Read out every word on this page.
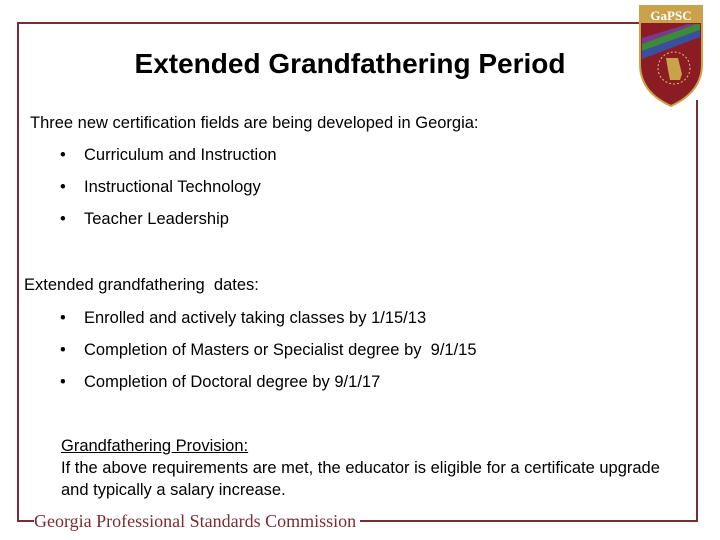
GaPSC
Extended Grandfathering Period
Three new certification fields are being developed in Georgia:
• Curriculum and Instruction
• Instructional Technology
• Teacher Leadership
Extended grandfathering  dates:
• Enrolled and actively taking classes by 1/15/13
• Completion of Masters or Specialist degree by  9/1/15
• Completion of Doctoral degree by 9/1/17
Grandfathering Provision:
If the above requirements are met, the educator is eligible for a certificate upgrade and typically a salary increase.
Georgia Professional Standards Commission
